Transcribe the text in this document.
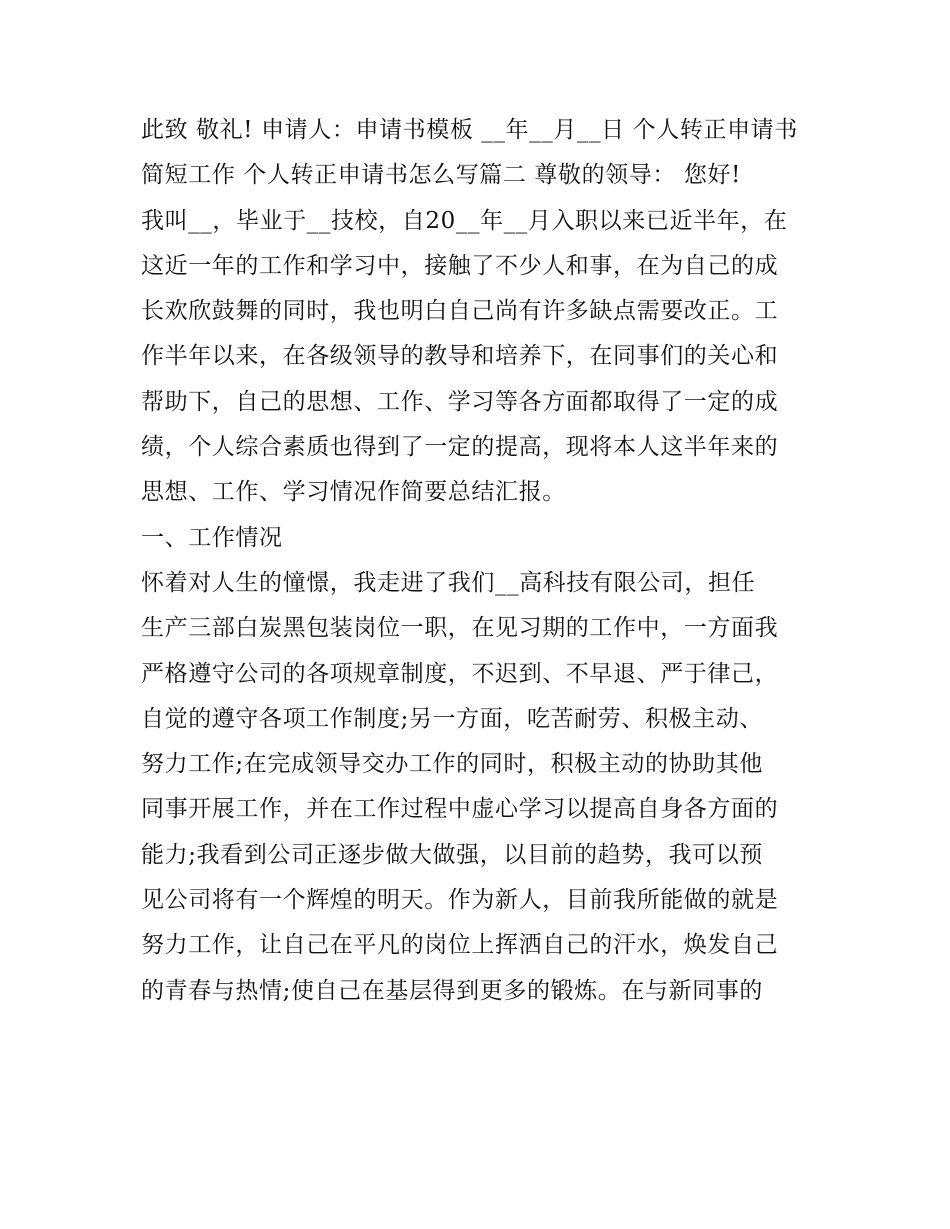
此致 敬礼! 申请人：申请书模板 __年__月__日 个人转正申请书
简短工作 个人转正申请书怎么写篇二 尊敬的领导： 您好!
我叫__，毕业于__技校，自20__年__月入职以来已近半年，在
这近一年的工作和学习中，接触了不少人和事，在为自己的成
长欢欣鼓舞的同时，我也明白自己尚有许多缺点需要改正。工
作半年以来，在各级领导的教导和培养下，在同事们的关心和
帮助下，自己的思想、工作、学习等各方面都取得了一定的成
绩，个人综合素质也得到了一定的提高，现将本人这半年来的
思想、工作、学习情况作简要总结汇报。
一、工作情况
怀着对人生的憧憬，我走进了我们__高科技有限公司，担任
生产三部白炭黑包装岗位一职，在见习期的工作中，一方面我
严格遵守公司的各项规章制度，不迟到、不早退、严于律己，
自觉的遵守各项工作制度;另一方面，吃苦耐劳、积极主动、
努力工作;在完成领导交办工作的同时，积极主动的协助其他
同事开展工作，并在工作过程中虚心学习以提高自身各方面的
能力;我看到公司正逐步做大做强，以目前的趋势，我可以预
见公司将有一个辉煌的明天。作为新人，目前我所能做的就是
努力工作，让自己在平凡的岗位上挥洒自己的汗水，焕发自己
的青春与热情;使自己在基层得到更多的锻炼。在与新同事的
